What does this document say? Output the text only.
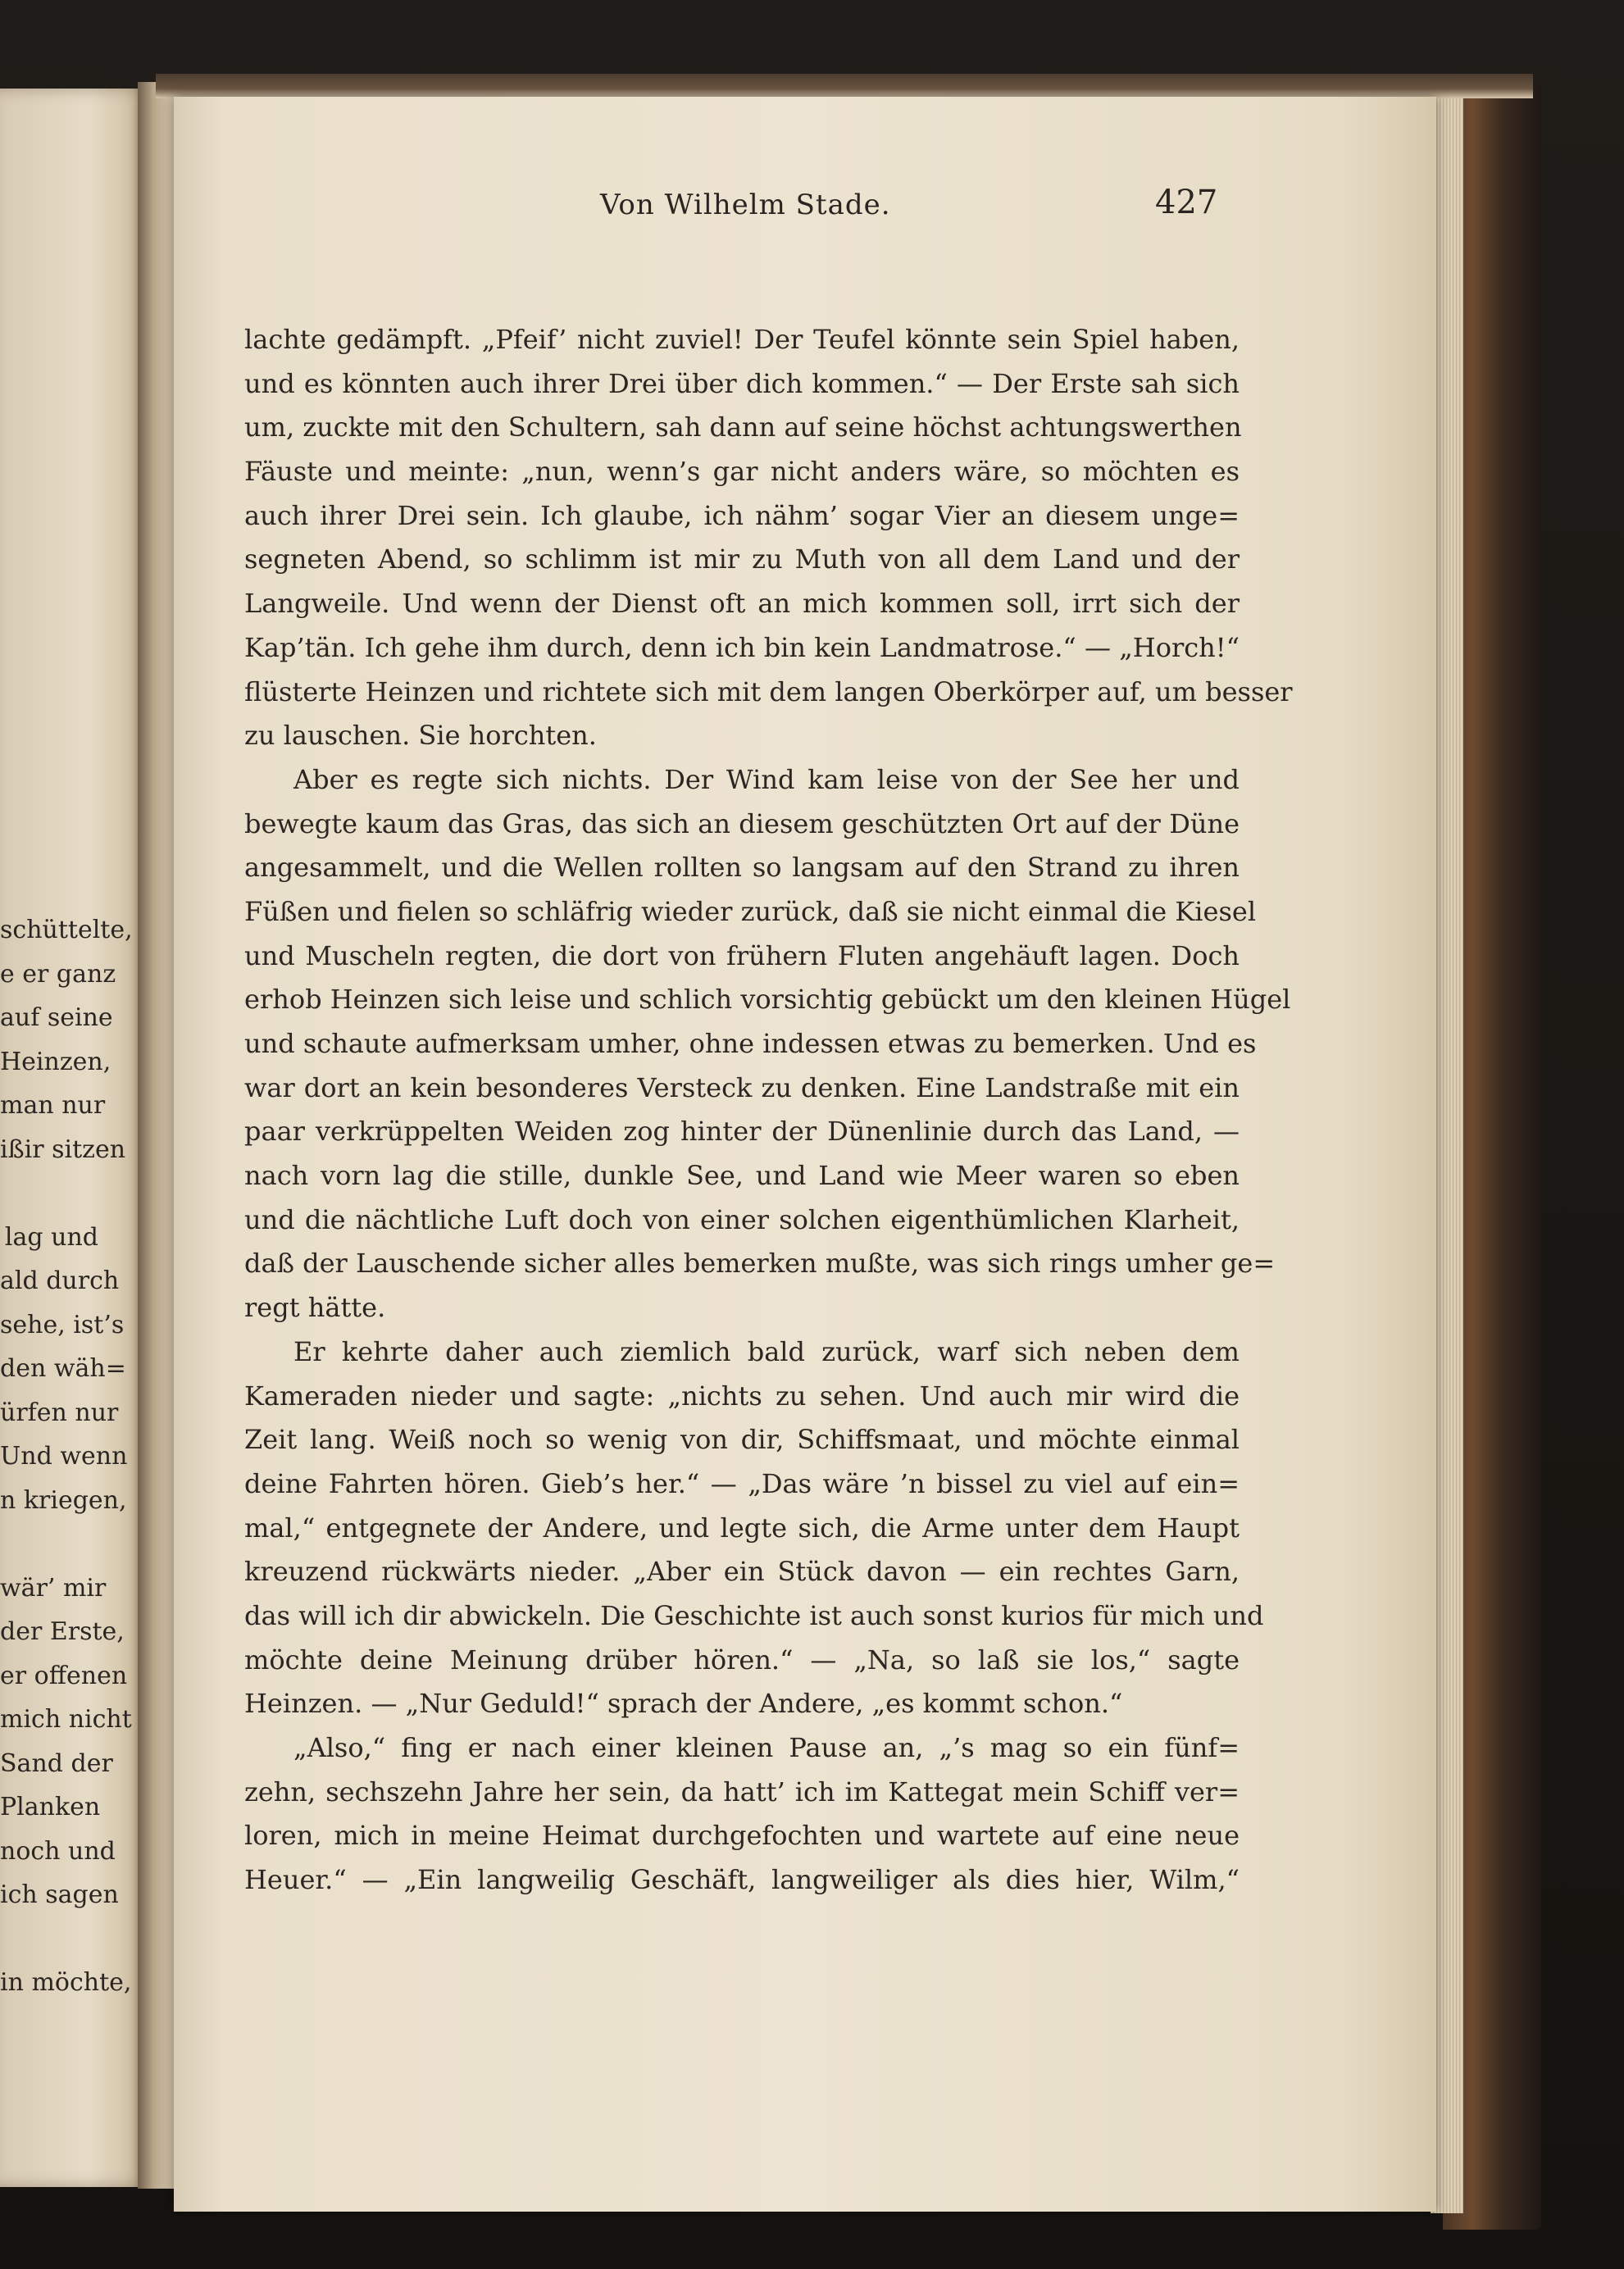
schüttelte,
e er ganz
auf seine
Heinzen,
man nur
ißir sitzen

lag und
ald durch
sehe, ist’s
den wäh=
ürfen nur
Und wenn
n kriegen,

wär’ mir
der Erste,
er offenen
mich nicht
Sand der
Planken
noch und
ich sagen

in möchte,
Von Wilhelm Stade.	427
lachte gedämpft. „Pfeif’ nicht zuviel! Der Teufel könnte sein Spiel haben,
und es könnten auch ihrer Drei über dich kommen.“ — Der Erste sah sich
um, zuckte mit den Schultern, sah dann auf seine höchst achtungswerthen
Fäuste und meinte: „nun, wenn’s gar nicht anders wäre, so möchten es
auch ihrer Drei sein. Ich glaube, ich nähm’ sogar Vier an diesem unge=
segneten Abend, so schlimm ist mir zu Muth von all dem Land und der
Langweile. Und wenn der Dienst oft an mich kommen soll, irrt sich der
Kap’tän. Ich gehe ihm durch, denn ich bin kein Landmatrose.“ — „Horch!“
flüsterte Heinzen und richtete sich mit dem langen Oberkörper auf, um besser
zu lauschen. Sie horchten.
Aber es regte sich nichts. Der Wind kam leise von der See her und
bewegte kaum das Gras, das sich an diesem geschützten Ort auf der Düne
angesammelt, und die Wellen rollten so langsam auf den Strand zu ihren
Füßen und fielen so schläfrig wieder zurück, daß sie nicht einmal die Kiesel
und Muscheln regten, die dort von frühern Fluten angehäuft lagen. Doch
erhob Heinzen sich leise und schlich vorsichtig gebückt um den kleinen Hügel
und schaute aufmerksam umher, ohne indessen etwas zu bemerken. Und es
war dort an kein besonderes Versteck zu denken. Eine Landstraße mit ein
paar verkrüppelten Weiden zog hinter der Dünenlinie durch das Land, —
nach vorn lag die stille, dunkle See, und Land wie Meer waren so eben
und die nächtliche Luft doch von einer solchen eigenthümlichen Klarheit,
daß der Lauschende sicher alles bemerken mußte, was sich rings umher ge=
regt hätte.
Er kehrte daher auch ziemlich bald zurück, warf sich neben dem
Kameraden nieder und sagte: „nichts zu sehen. Und auch mir wird die
Zeit lang. Weiß noch so wenig von dir, Schiffsmaat, und möchte einmal
deine Fahrten hören. Gieb’s her.“ — „Das wäre ’n bissel zu viel auf ein=
mal,“ entgegnete der Andere, und legte sich, die Arme unter dem Haupt
kreuzend rückwärts nieder. „Aber ein Stück davon — ein rechtes Garn,
das will ich dir abwickeln. Die Geschichte ist auch sonst kurios für mich und
möchte deine Meinung drüber hören.“ — „Na, so laß sie los,“ sagte
Heinzen. — „Nur Geduld!“ sprach der Andere, „es kommt schon.“
„Also,“ fing er nach einer kleinen Pause an, „’s mag so ein fünf=
zehn, sechszehn Jahre her sein, da hatt’ ich im Kattegat mein Schiff ver=
loren, mich in meine Heimat durchgefochten und wartete auf eine neue
Heuer.“ — „Ein langweilig Geschäft, langweiliger als dies hier, Wilm,“
